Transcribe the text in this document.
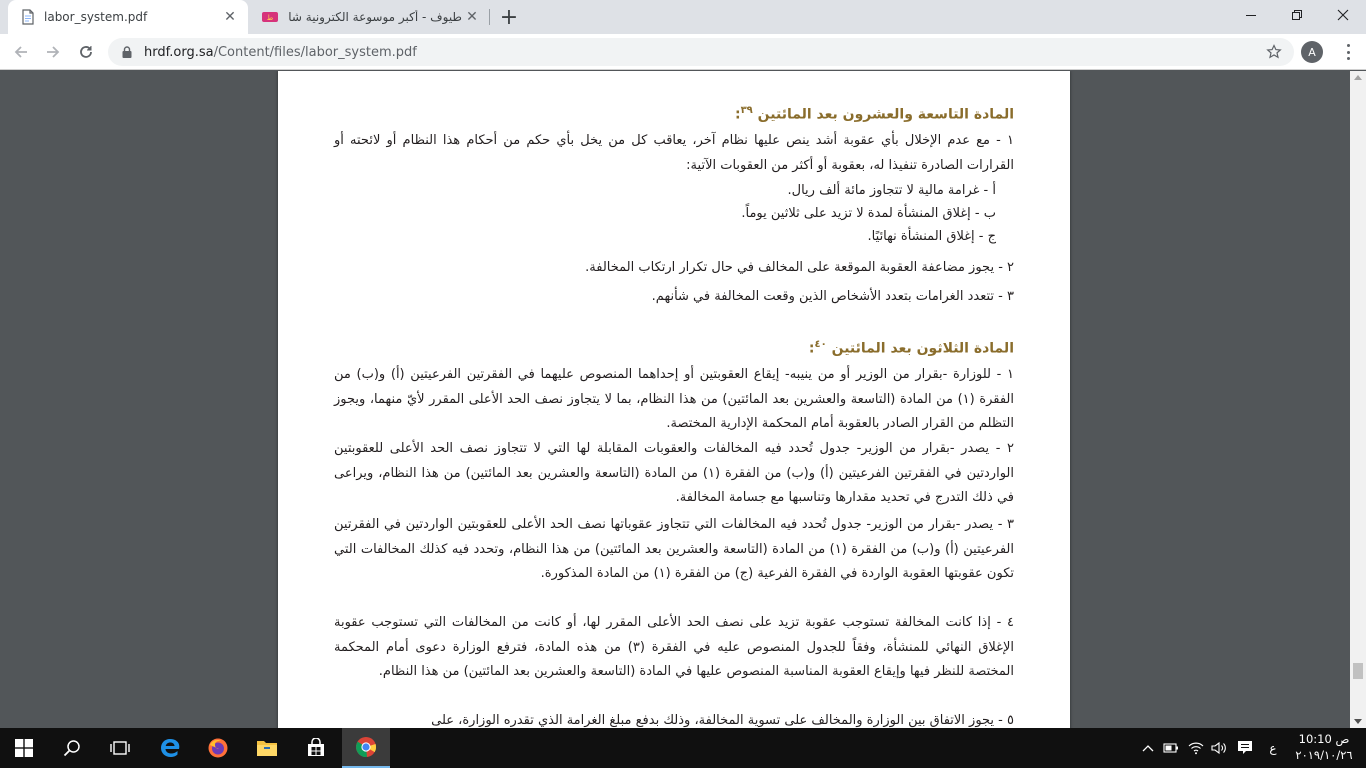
labor_system.pdf	✕	ط طيوف - أكبر موسوعة الكترونية شا ✕ +
hrdf.org.sa/Content/files/labor_system.pdf	A
المادة التاسعة والعشرون بعد المائتين $^{٣٩}$:
١ - مع عدم الإخلال بأي عقوبة أشد ينص عليها نظام آخر، يعاقب كل من يخل بأي حكم من أحكام هذا النظام أو لائحته أو القرارات الصادرة تنفيذا له، بعقوبة أو أكثر من العقوبات الآتية:
أ - غرامة مالية لا تتجاوز مائة ألف ريال.
ب - إغلاق المنشأة لمدة لا تزيد على ثلاثين يوماً.
ج - إغلاق المنشأة نهائيًا.
٢ - يجوز مضاعفة العقوبة الموقعة على المخالف في حال تكرار ارتكاب المخالفة.
٣ - تتعدد الغرامات بتعدد الأشخاص الذين وقعت المخالفة في شأنهم.
المادة الثلاثون بعد المائتين $^{٤٠}$:
١ - للوزارة -بقرار من الوزير أو من ينيبه- إيقاع العقوبتين أو إحداهما المنصوص عليهما في الفقرتين الفرعيتين (أ) و(ب) من الفقرة (١) من المادة (التاسعة والعشرين بعد المائتين) من هذا النظام، بما لا يتجاوز نصف الحد الأعلى المقرر لأيّ منهما، ويجوز التظلم من القرار الصادر بالعقوبة أمام المحكمة الإدارية المختصة.
٢ - يصدر -بقرار من الوزير- جدول تُحدد فيه المخالفات والعقوبات المقابلة لها التي لا تتجاوز نصف الحد الأعلى للعقوبتين الواردتين في الفقرتين الفرعيتين (أ) و(ب) من الفقرة (١) من المادة (التاسعة والعشرين بعد المائتين) من هذا النظام، ويراعى في ذلك التدرج في تحديد مقدارها وتناسبها مع جسامة المخالفة.
٣ - يصدر -بقرار من الوزير- جدول تُحدد فيه المخالفات التي تتجاوز عقوباتها نصف الحد الأعلى للعقوبتين الواردتين في الفقرتين الفرعيتين (أ) و(ب) من الفقرة (١) من المادة (التاسعة والعشرين بعد المائتين) من هذا النظام، وتحدد فيه كذلك المخالفات التي تكون عقوبتها العقوبة الواردة في الفقرة الفرعية (ج) من الفقرة (١) من المادة المذكورة.
٤ - إذا كانت المخالفة تستوجب عقوبة تزيد على نصف الحد الأعلى المقرر لها، أو كانت من المخالفات التي تستوجب عقوبة الإغلاق النهائي للمنشأة، وفقاً للجدول المنصوص عليه في الفقرة (٣) من هذه المادة، فترفع الوزارة دعوى أمام المحكمة المختصة للنظر فيها وإيقاع العقوبة المناسبة المنصوص عليها في المادة (التاسعة والعشرين بعد المائتين) من هذا النظام.
٥ - يجوز الاتفاق بين الوزارة والمخالف على تسوية المخالفة، وذلك بدفع مبلغ الغرامة الذي تقدره الوزارة، على
ع
10:10 ص
٢٠١٩/١٠/٢٦
